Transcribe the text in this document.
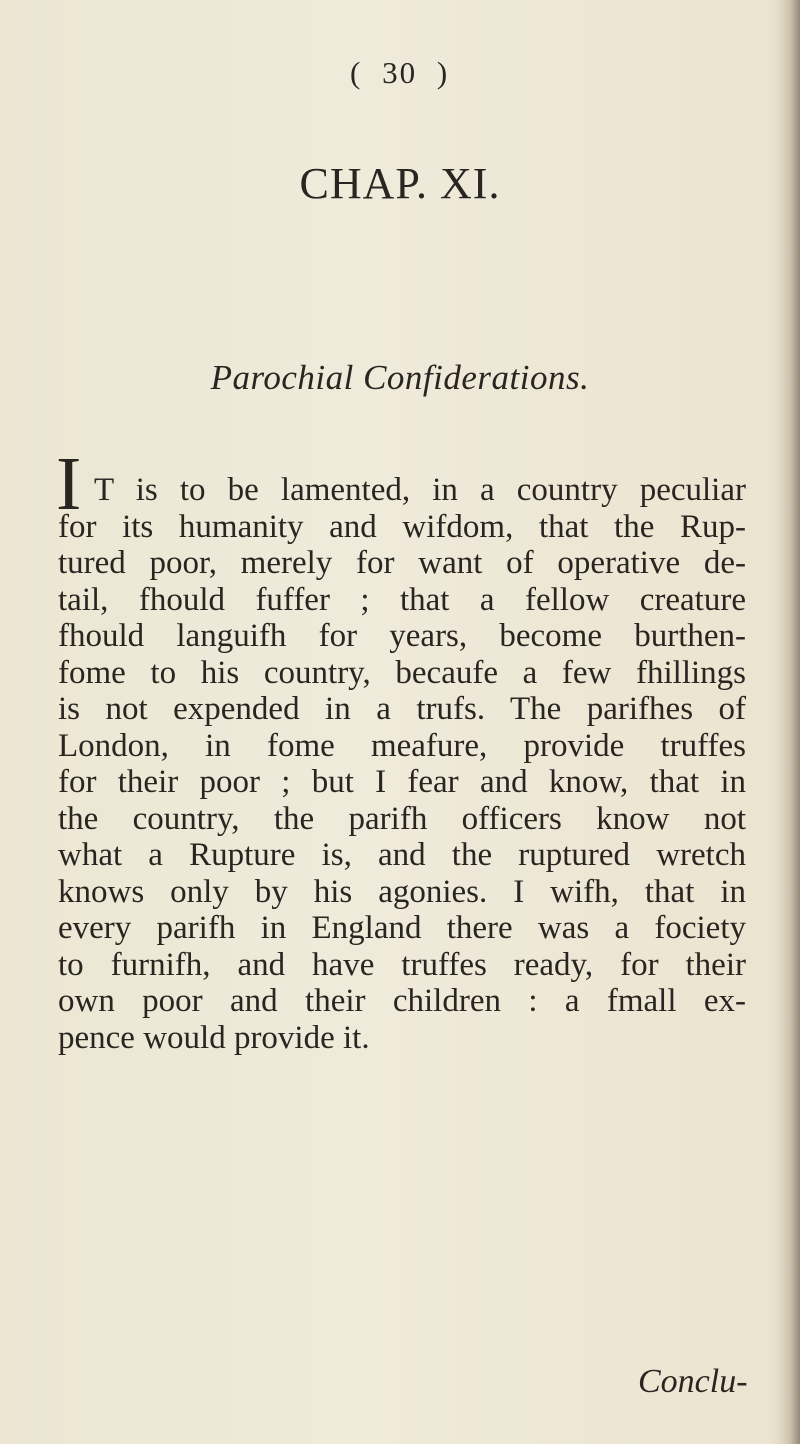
( 30 )
CHAP. XI.
Parochial Confiderations.
I T is to be lamented, in a country peculiar
for its humanity and wifdom, that the Rup-
tured poor, merely for want of operative de-
tail, fhould fuffer ; that a fellow creature
fhould languifh for years, become burthen-
fome to his country, becaufe a few fhillings
is not expended in a trufs. The parifhes of
London, in fome meafure, provide truffes
for their poor ; but I fear and know, that in
the country, the parifh officers know not
what a Rupture is, and the ruptured wretch
knows only by his agonies. I wifh, that in
every parifh in England there was a fociety
to furnifh, and have truffes ready, for their
own poor and their children : a fmall ex-
pence would provide it.
Conclu-
